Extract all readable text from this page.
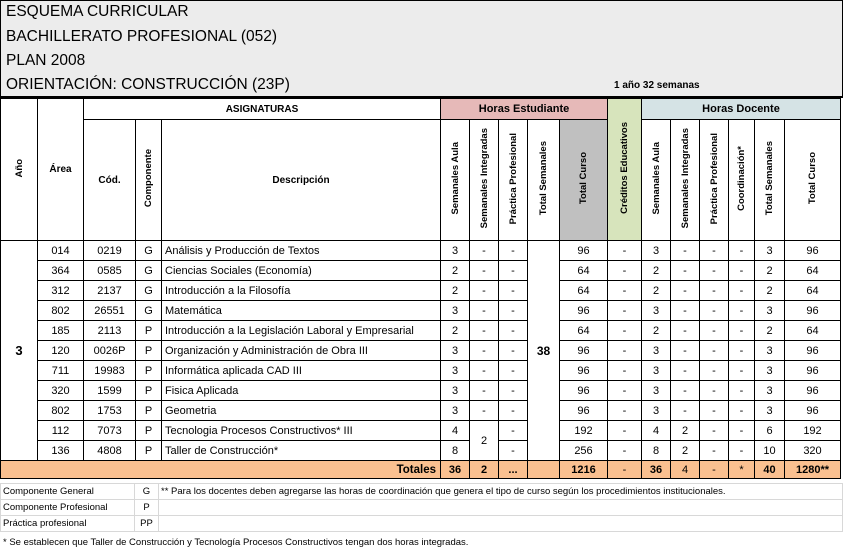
ESQUEMA CURRICULAR
BACHILLERATO PROFESIONAL (052)
PLAN 2008
ORIENTACIÓN: CONSTRUCCIÓN (23P)	1 año 32 semanas
Año	Área	ASIGNATURAS			Horas Estudiante					Créditos Educativos	Horas Docente					
		Cód.	Componente	Descripción	Semanales Aula	Semanales Integradas	Práctica Profesional	Total Semanales	Total Curso		Semanales Aula	Semanales Integradas	Práctica Profesional	Coordinación*	Total Semanales	Total Curso
3	014	0219	G	Análisis y Producción de Textos	3	-	-	38	96	-	3	-	-	-	3	96
	364	0585	G	Ciencias Sociales (Economía)	2	-	-		64	-	2	-	-	-	2	64
	312	2137	G	Introducción a la Filosofía	2	-	-		64	-	2	-	-	-	2	64
	802	26551	G	Matemática	3	-	-		96	-	3	-	-	-	3	96
	185	2113	P	Introducción a la Legislación Laboral y Empresarial	2	-	-		64	-	2	-	-	-	2	64
	120	0026P	P	Organización y Administración de Obra III	3	-	-		96	-	3	-	-	-	3	96
	711	19983	P	Informática aplicada CAD III	3	-	-		96	-	3	-	-	-	3	96
	320	1599	P	Fisica Aplicada	3	-	-		96	-	3	-	-	-	3	96
	802	1753	P	Geometria	3	-	-		96	-	3	-	-	-	3	96
	112	7073	P	Tecnologia Procesos Constructivos* III	4	2	-		192	-	4	2	-	-	6	192
	136	4808	P	Taller de Construcción*	8		-		256	-	8	2	-	-	10	320
Totales					36	2	...		1216	-	36	4	-	*	40	1280**
Componente General	G	** Para los docentes deben agregarse las horas de coordinación que genera el tipo de curso según los procedimientos institucionales.
Componente Profesional	P	
Práctica profesional	PP	
* Se establecen que Taller de Construcción y Tecnología Procesos Constructivos tengan dos horas integradas.
